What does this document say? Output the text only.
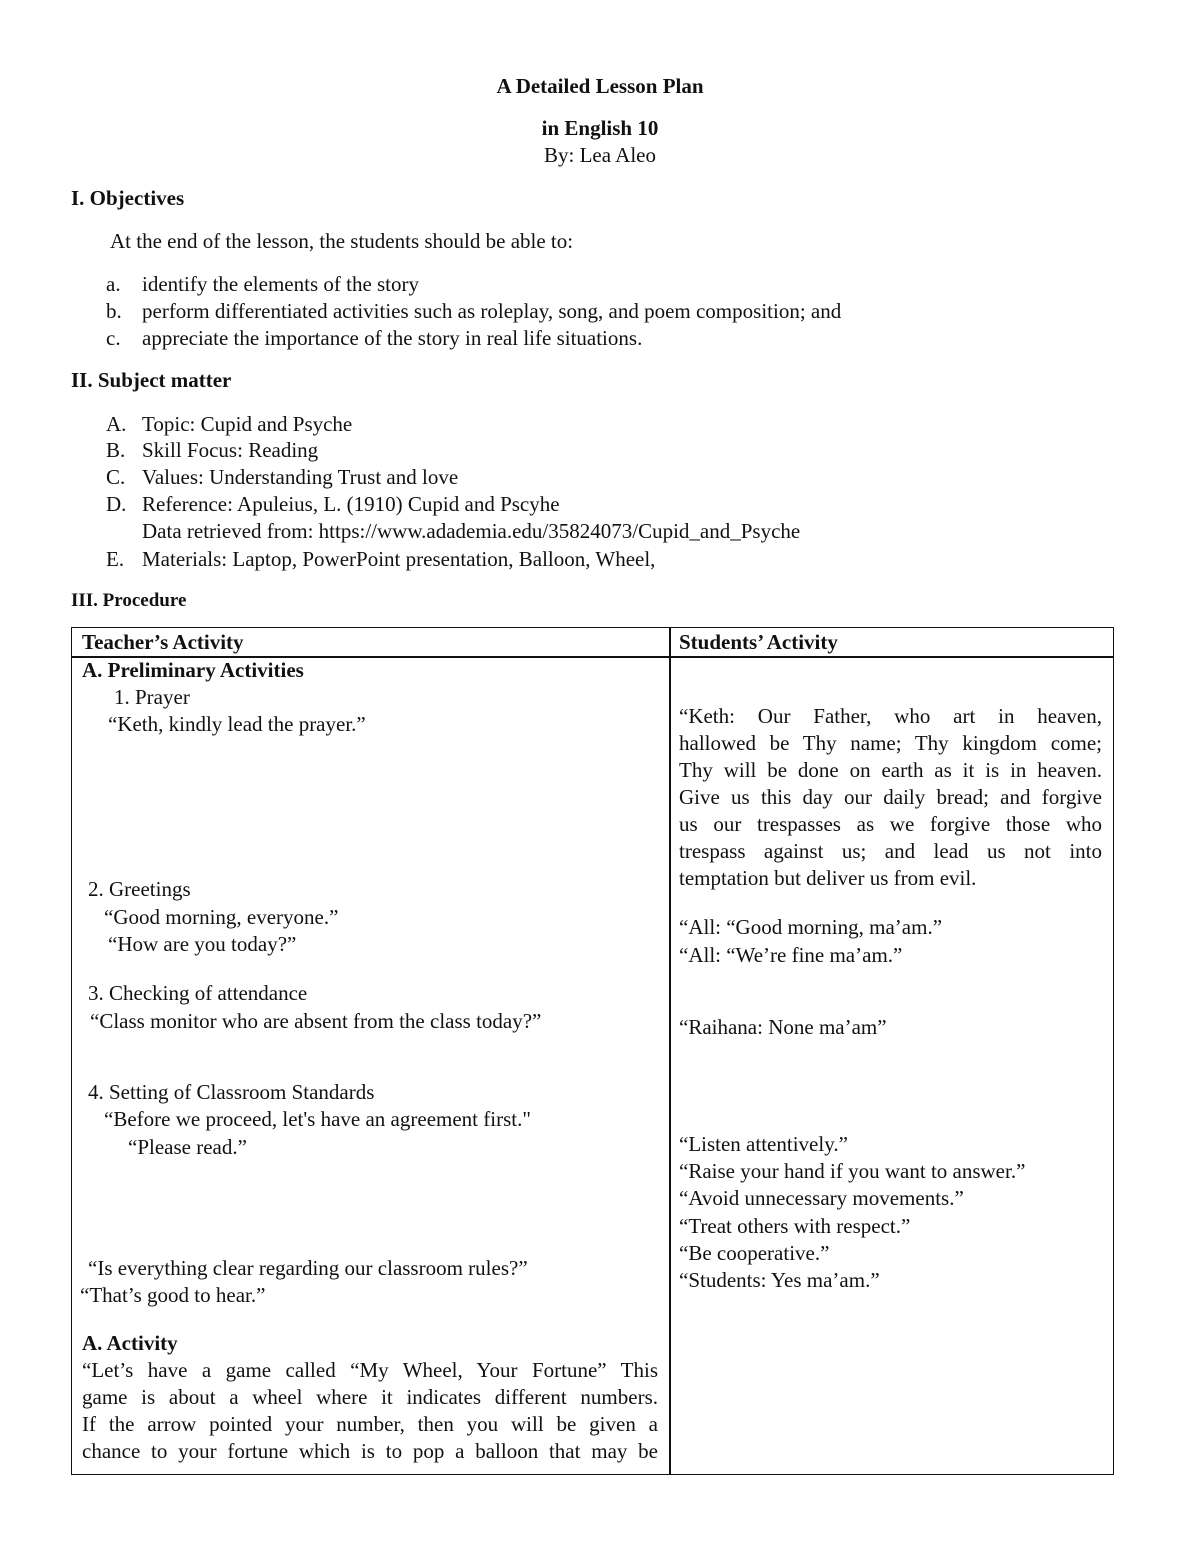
A Detailed Lesson Plan
in English 10
By: Lea Aleo
I. Objectives
At the end of the lesson, the students should be able to:
a. identify the elements of the story
b. perform differentiated activities such as roleplay, song, and poem composition; and
c. appreciate the importance of the story in real life situations.
II. Subject matter
A. Topic: Cupid and Psyche
B. Skill Focus: Reading
C. Values: Understanding Trust and love
D. Reference: Apuleius, L. (1910) Cupid and Pscyhe
Data retrieved from: https://www.adademia.edu/35824073/Cupid_and_Psyche
E. Materials: Laptop, PowerPoint presentation, Balloon, Wheel,
III. Procedure
Teacher’s Activity	Students’ Activity
A. Preliminary Activities
1. Prayer
“Keth, kindly lead the prayer.”
2. Greetings
“Good morning, everyone.”
“How are you today?”
3. Checking of attendance
“Class monitor who are absent from the class today?”
4. Setting of Classroom Standards
“Before we proceed, let's have an agreement first."
“Please read.”
“Is everything clear regarding our classroom rules?”
“That’s good to hear.”
A. Activity
“Let’s have a game called “My Wheel, Your Fortune” This
game is about a wheel where it indicates different numbers.
If the arrow pointed your number, then you will be given a
chance to your fortune which is to pop a balloon that may be
“Keth: Our Father, who art in heaven,
hallowed be Thy name; Thy kingdom come;
Thy will be done on earth as it is in heaven.
Give us this day our daily bread; and forgive
us our trespasses as we forgive those who
trespass against us; and lead us not into
temptation but deliver us from evil.
“All: “Good morning, ma’am.”
“All: “We’re fine ma’am.”
“Raihana: None ma’am”
“Listen attentively.”
“Raise your hand if you want to answer.”
“Avoid unnecessary movements.”
“Treat others with respect.”
“Be cooperative.”
“Students: Yes ma’am.”
